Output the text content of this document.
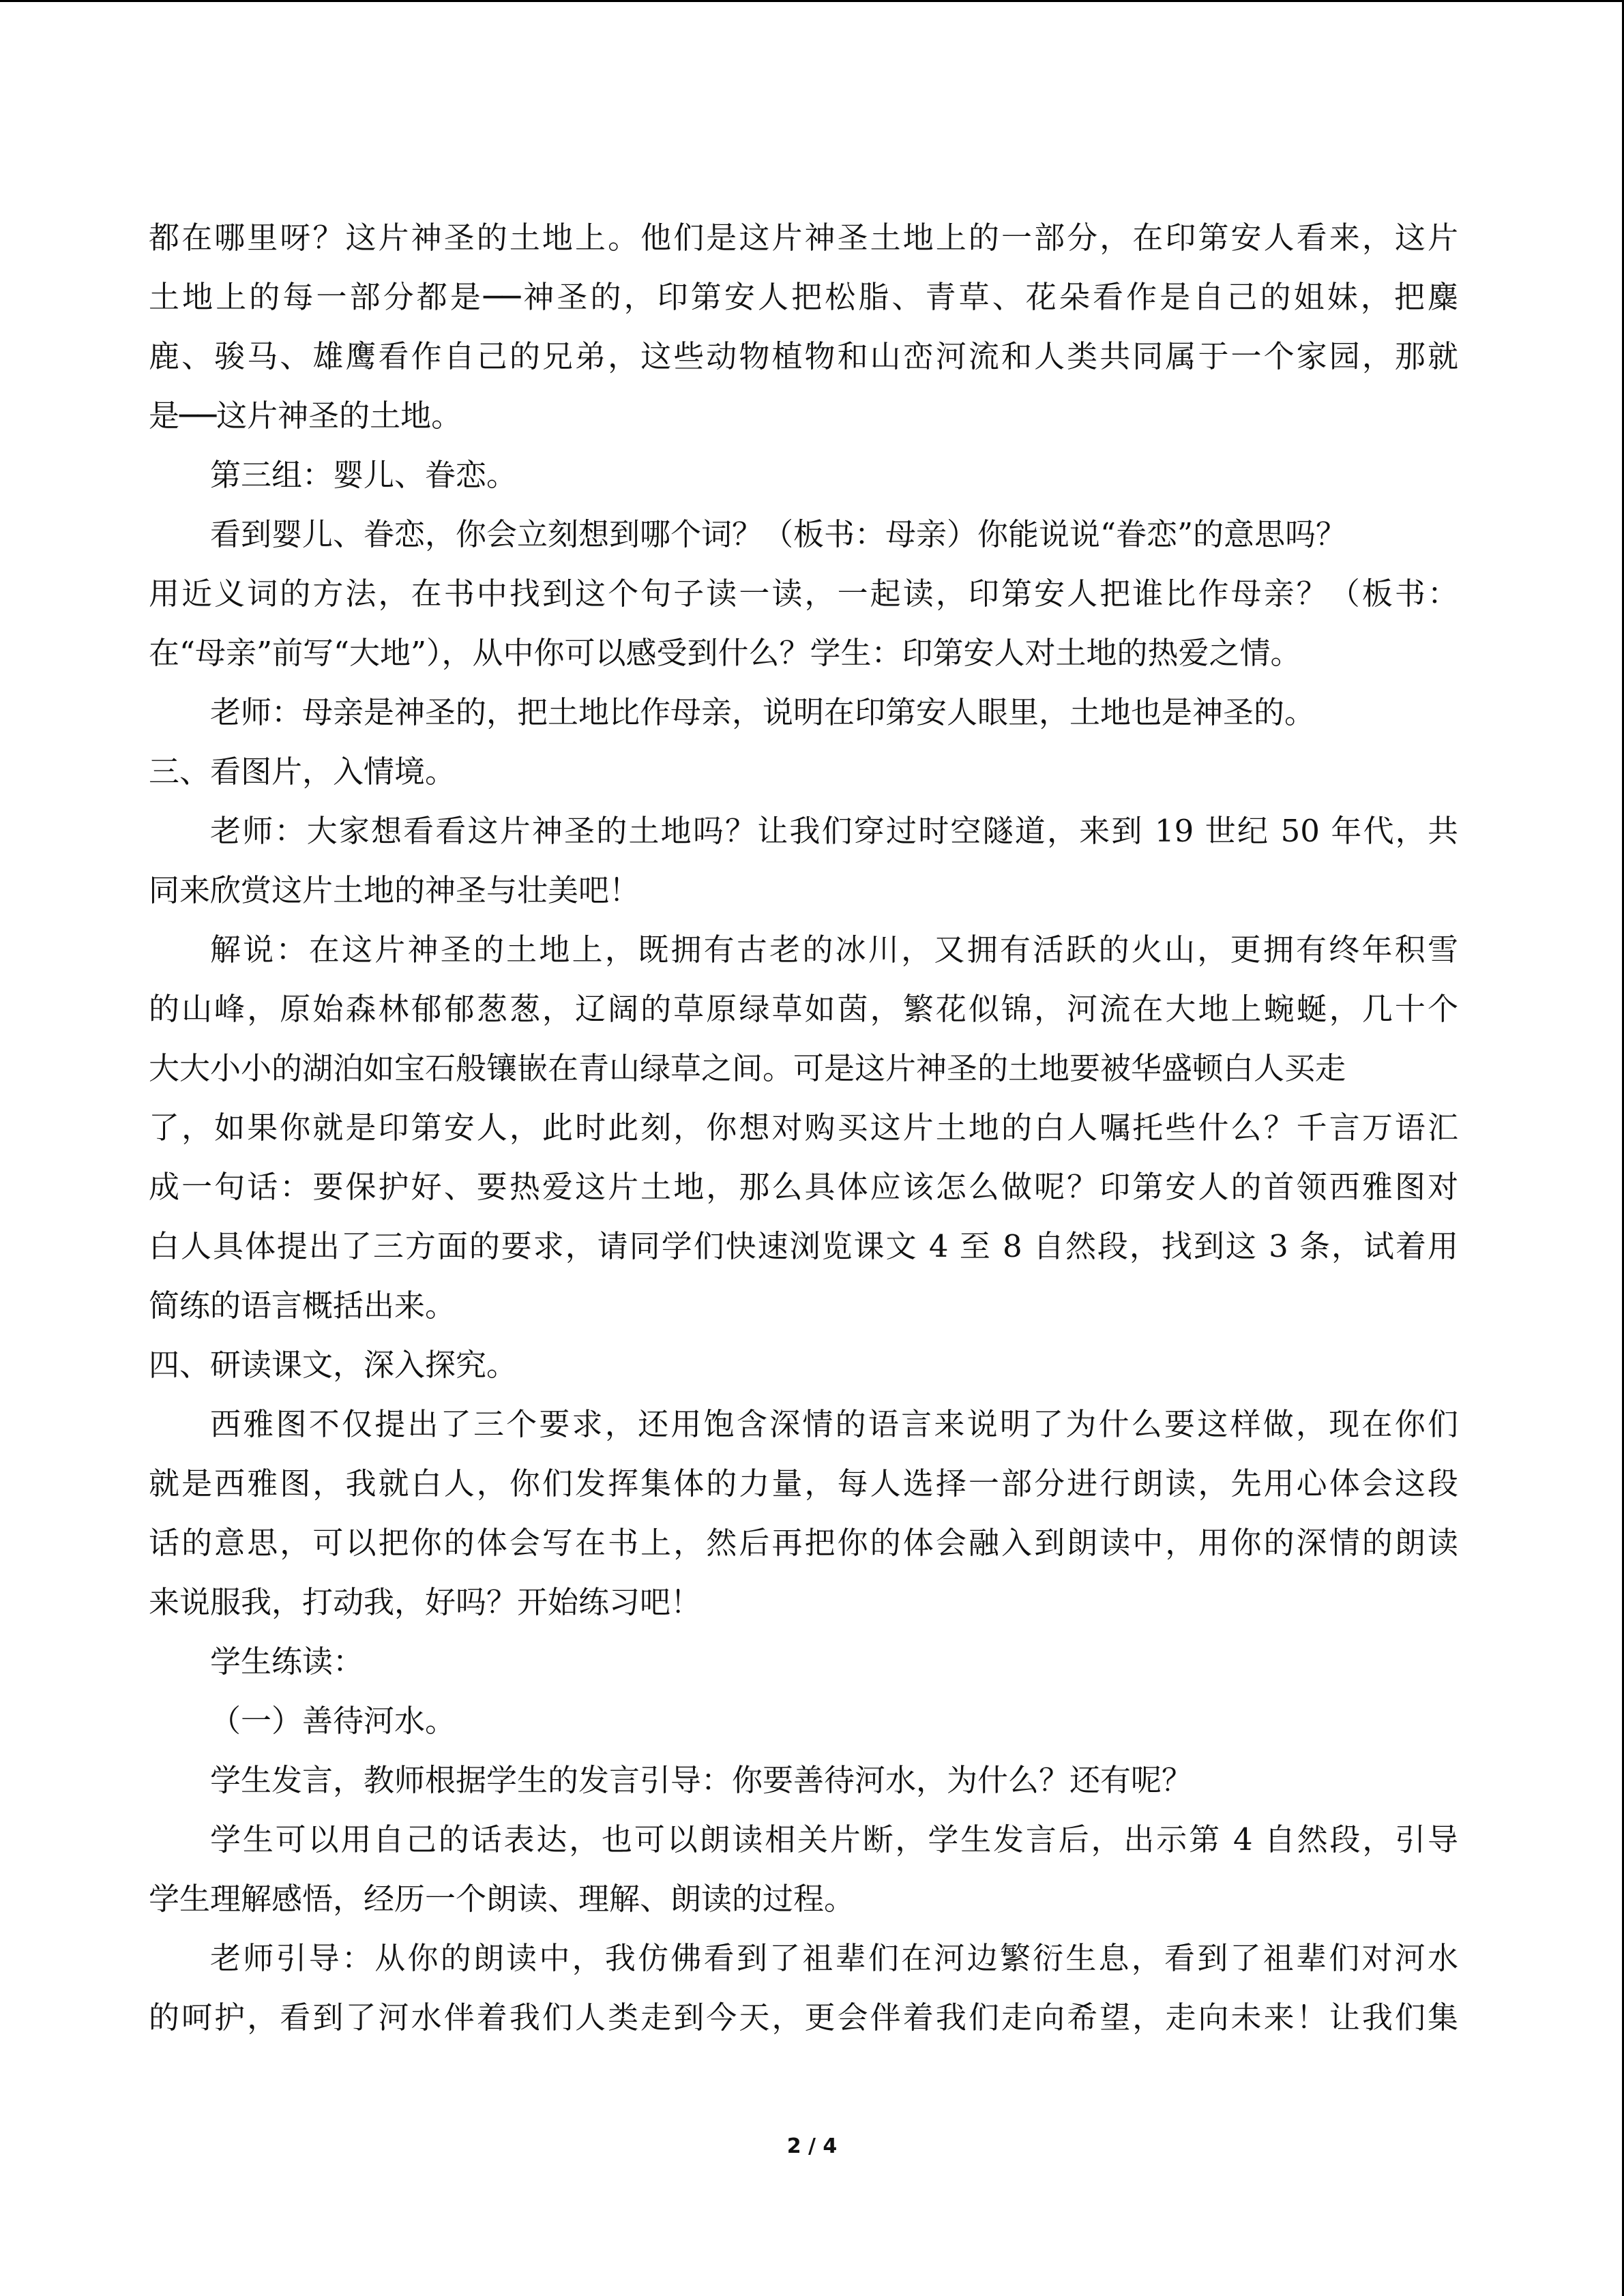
都在哪里呀？这片神圣的土地上。他们是这片神圣土地上的一部分，在印第安人看来，这片
土地上的每一部分都是──神圣的，印第安人把松脂、青草、花朵看作是自己的姐妹，把麋
鹿、骏马、雄鹰看作自己的兄弟，这些动物植物和山峦河流和人类共同属于一个家园，那就
是──这片神圣的土地。
第三组：婴儿、眷恋。
看到婴儿、眷恋，你会立刻想到哪个词？（板书：母亲）你能说说“眷恋”的意思吗？
用近义词的方法，在书中找到这个句子读一读，一起读，印第安人把谁比作母亲？（板书：
在“母亲”前写“大地”），从中你可以感受到什么？学生：印第安人对土地的热爱之情。
老师：母亲是神圣的，把土地比作母亲，说明在印第安人眼里，土地也是神圣的。
三、看图片，入情境。
老师：大家想看看这片神圣的土地吗？让我们穿过时空隧道，来到 19 世纪 50 年代，共
同来欣赏这片土地的神圣与壮美吧！
解说：在这片神圣的土地上，既拥有古老的冰川，又拥有活跃的火山，更拥有终年积雪
的山峰，原始森林郁郁葱葱，辽阔的草原绿草如茵，繁花似锦，河流在大地上蜿蜒，几十个
大大小小的湖泊如宝石般镶嵌在青山绿草之间。可是这片神圣的土地要被华盛顿白人买走
了，如果你就是印第安人，此时此刻，你想对购买这片土地的白人嘱托些什么？千言万语汇
成一句话：要保护好、要热爱这片土地，那么具体应该怎么做呢？印第安人的首领西雅图对
白人具体提出了三方面的要求，请同学们快速浏览课文 4 至 8 自然段，找到这 3 条，试着用
简练的语言概括出来。
四、研读课文，深入探究。
西雅图不仅提出了三个要求，还用饱含深情的语言来说明了为什么要这样做，现在你们
就是西雅图，我就白人，你们发挥集体的力量，每人选择一部分进行朗读，先用心体会这段
话的意思，可以把你的体会写在书上，然后再把你的体会融入到朗读中，用你的深情的朗读
来说服我，打动我，好吗？开始练习吧！
学生练读：
（一）善待河水。
学生发言，教师根据学生的发言引导：你要善待河水，为什么？还有呢？
学生可以用自己的话表达，也可以朗读相关片断，学生发言后，出示第 4 自然段，引导
学生理解感悟，经历一个朗读、理解、朗读的过程。
老师引导：从你的朗读中，我仿佛看到了祖辈们在河边繁衍生息，看到了祖辈们对河水
的呵护，看到了河水伴着我们人类走到今天，更会伴着我们走向希望，走向未来！让我们集
2 / 4
